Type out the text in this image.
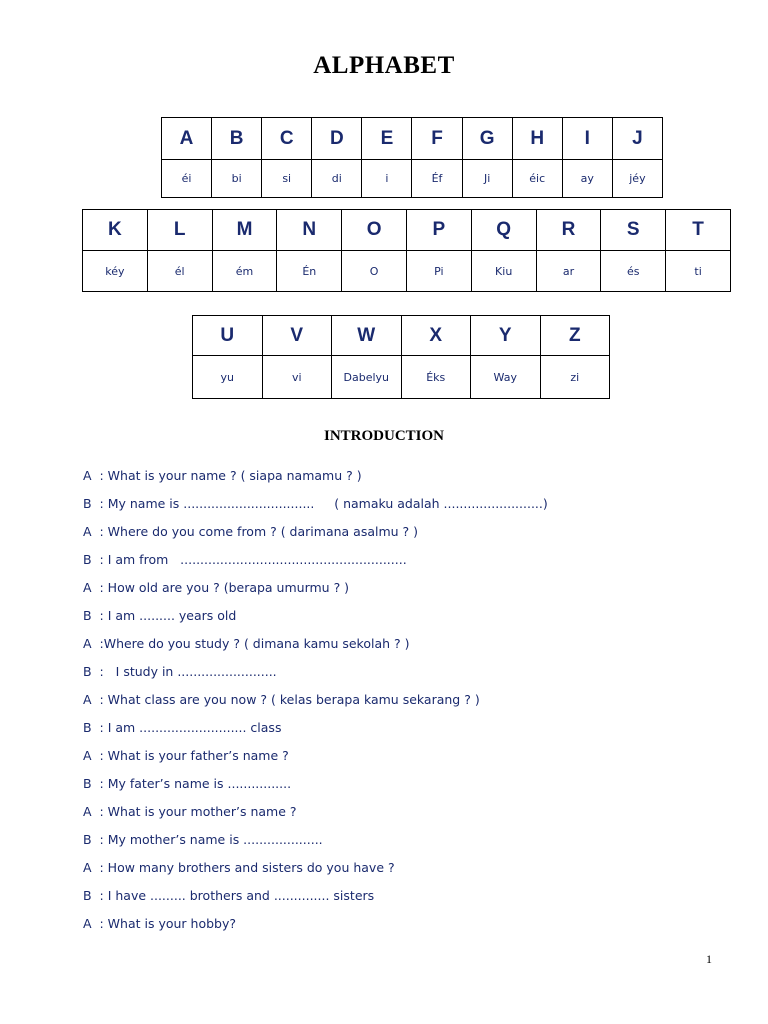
ALPHABET
A	B	C	D	E	F	G	H	I	J
éi	bi	si	di	i	Éf	Ji	éic	ay	jéy
K	L	M	N	O	P	Q	R	S	T
kéy	él	ém	Én	O	Pi	Kiu	ar	és	ti
U	V	W	X	Y	Z
yu	vi	Dabelyu	Éks	Way	zi
INTRODUCTION
A  : What is your name ? ( siapa namamu ? )
B  : My name is .................................     ( namaku adalah .........................)
A  : Where do you come from ? ( darimana asalmu ? )
B  : I am from   .........................................................
A  : How old are you ? (berapa umurmu ? )
B  : I am ......... years old
A  :Where do you study ? ( dimana kamu sekolah ? )
B  :   I study in .........................
A  : What class are you now ? ( kelas berapa kamu sekarang ? )
B  : I am ........................... class
A  : What is your father’s name ?
B  : My fater’s name is ................
A  : What is your mother’s name ?
B  : My mother’s name is ....................
A  : How many brothers and sisters do you have ?
B  : I have ......... brothers and .............. sisters
A  : What is your hobby?
1
